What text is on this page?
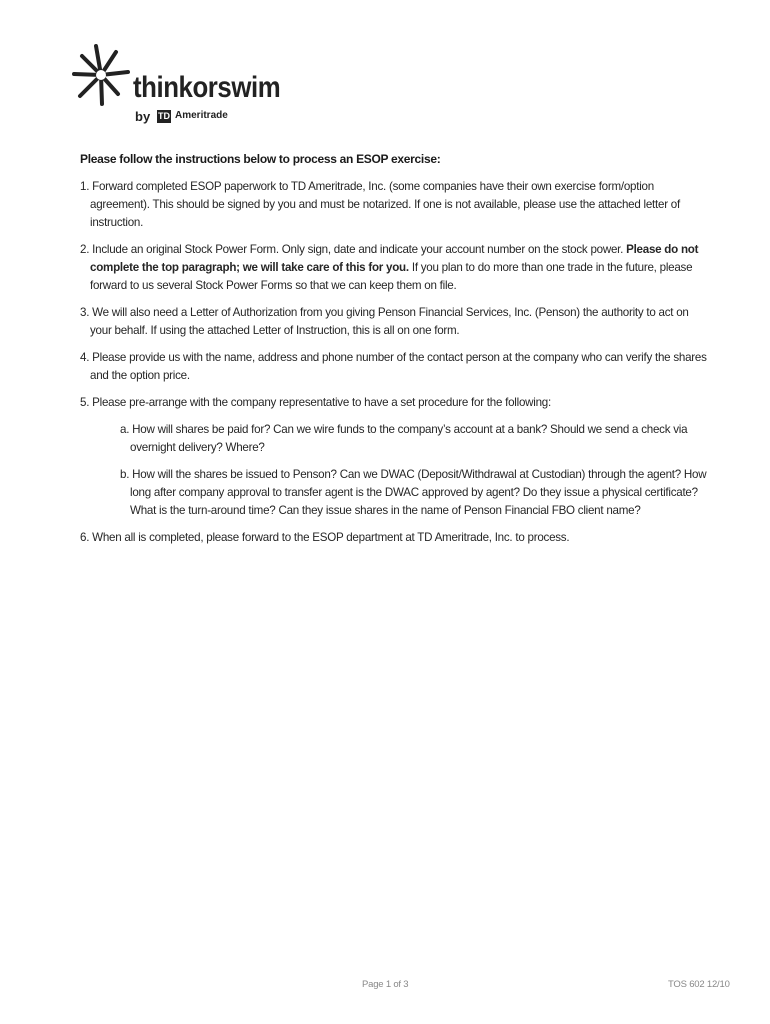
thinkorswim
by TD Ameritrade
Please follow the instructions below to process an ESOP exercise:
1. Forward completed ESOP paperwork to TD Ameritrade, Inc. (some companies have their own exercise form/option agreement). This should be signed by you and must be notarized. If one is not available, please use the attached letter of instruction.
2. Include an original Stock Power Form. Only sign, date and indicate your account number on the stock power. Please do not complete the top paragraph; we will take care of this for you. If you plan to do more than one trade in the future, please forward to us several Stock Power Forms so that we can keep them on file.
3. We will also need a Letter of Authorization from you giving Penson Financial Services, Inc. (Penson) the authority to act on your behalf. If using the attached Letter of Instruction, this is all on one form.
4. Please provide us with the name, address and phone number of the contact person at the company who can verify the shares and the option price.
5. Please pre-arrange with the company representative to have a set procedure for the following:
a. How will shares be paid for? Can we wire funds to the company’s account at a bank? Should we send a check via overnight delivery? Where?
b. How will the shares be issued to Penson? Can we DWAC (Deposit/Withdrawal at Custodian) through the agent? How long after company approval to transfer agent is the DWAC approved by agent? Do they issue a physical certificate? What is the turn-around time? Can they issue shares in the name of Penson Financial FBO client name?
6. When all is completed, please forward to the ESOP department at TD Ameritrade, Inc. to process.
Page 1 of 3	TOS 602 12/10
